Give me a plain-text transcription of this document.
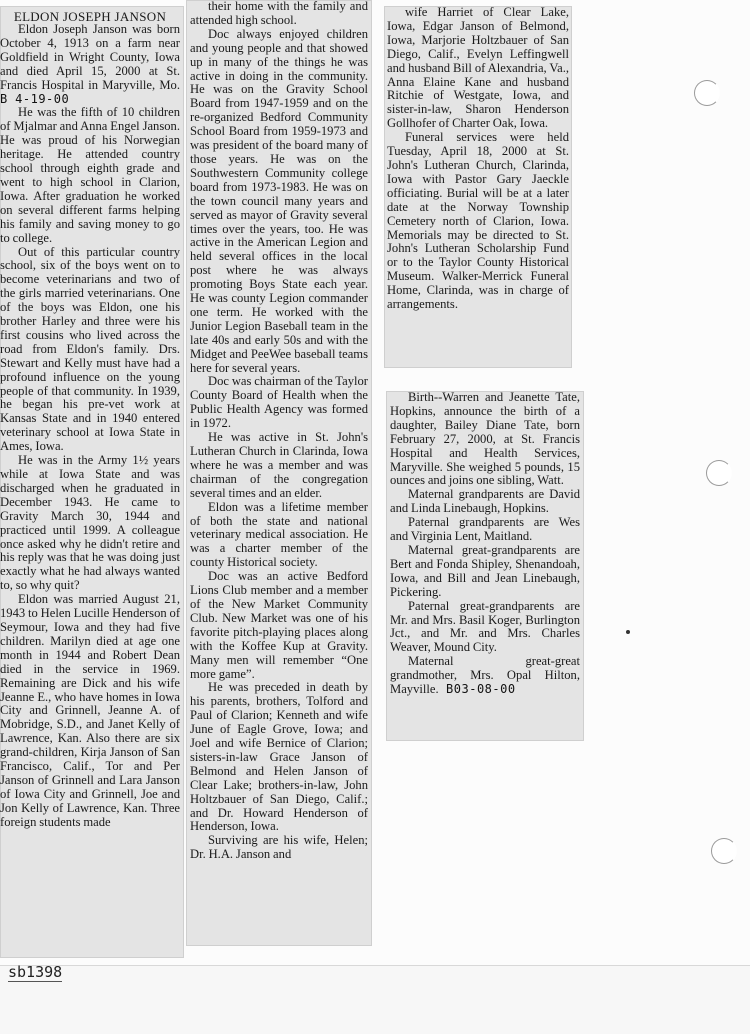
ELDON JOSEPH JANSON

Eldon Joseph Janson was born October 4, 1913 on a farm near Goldfield in Wright County, Iowa and died April 15, 2000 at St. Francis Hospital in Maryville, Mo. B 4-19-00

He was the fifth of 10 children of Mjalmar and Anna Engel Janson. He was proud of his Norwegian heritage. He attended country school through eighth grade and went to high school in Clarion, Iowa. After graduation he worked on several different farms helping his family and saving money to go to college.

Out of this particular country school, six of the boys went on to become veterinarians and two of the girls married veterinarians. One of the boys was Eldon, one his brother Harley and three were his first cousins who lived across the road from Eldon's family. Drs. Stewart and Kelly must have had a profound influence on the young people of that community. In 1939, he began his pre-vet work at Kansas State and in 1940 entered veterinary school at Iowa State in Ames, Iowa.

He was in the Army 1½ years while at Iowa State and was discharged when he graduated in December 1943. He came to Gravity March 30, 1944 and practiced until 1999. A colleague once asked why he didn't retire and his reply was that he was doing just exactly what he had always wanted to, so why quit?

Eldon was married August 21, 1943 to Helen Lucille Henderson of Seymour, Iowa and they had five children. Marilyn died at age one month in 1944 and Robert Dean died in the service in 1969. Remaining are Dick and his wife Jeanne E., who have homes in Iowa City and Grinnell, Jeanne A. of Mobridge, S.D., and Janet Kelly of Lawrence, Kan. Also there are six grand-children, Kirja Janson of San Francisco, Calif., Tor and Per Janson of Grinnell and Lara Janson of Iowa City and Grinnell, Joe and Jon Kelly of Lawrence, Kan. Three foreign students made

their home with the family and attended high school.

Doc always enjoyed children and young people and that showed up in many of the things he was active in doing in the community. He was on the Gravity School Board from 1947-1959 and on the re-organized Bedford Community School Board from 1959-1973 and was president of the board many of those years. He was on the Southwestern Community college board from 1973-1983. He was on the town council many years and served as mayor of Gravity several times over the years, too. He was active in the American Legion and held several offices in the local post where he was always promoting Boys State each year. He was county Legion commander one term. He worked with the Junior Legion Baseball team in the late 40s and early 50s and with the Midget and PeeWee baseball teams here for several years.

Doc was chairman of the Taylor County Board of Health when the Public Health Agency was formed in 1972.

He was active in St. John's Lutheran Church in Clarinda, Iowa where he was a member and was chairman of the congregation several times and an elder.

Eldon was a lifetime member of both the state and national veterinary medical association. He was a charter member of the county Historical society.

Doc was an active Bedford Lions Club member and a member of the New Market Community Club. New Market was one of his favorite pitch-playing places along with the Koffee Kup at Gravity. Many men will remember “One more game”.

He was preceded in death by his parents, brothers, Tolford and Paul of Clarion; Kenneth and wife June of Eagle Grove, Iowa; and Joel and wife Bernice of Clarion; sisters-in-law Grace Janson of Belmond and Helen Janson of Clear Lake; brothers-in-law, John Holtzbauer of San Diego, Calif.; and Dr. Howard Henderson of Henderson, Iowa.

Surviving are his wife, Helen; Dr. H.A. Janson and

wife Harriet of Clear Lake, Iowa, Edgar Janson of Belmond, Iowa, Marjorie Holtzbauer of San Diego, Calif., Evelyn Leffingwell and husband Bill of Alexandria, Va., Anna Elaine Kane and husband Ritchie of Westgate, Iowa, and sister-in-law, Sharon Henderson Gollhofer of Charter Oak, Iowa.

Funeral services were held Tuesday, April 18, 2000 at St. John's Lutheran Church, Clarinda, Iowa with Pastor Gary Jaeckle officiating. Burial will be at a later date at the Norway Township Cemetery north of Clarion, Iowa. Memorials may be directed to St. John's Lutheran Scholarship Fund or to the Taylor County Historical Museum. Walker-Merrick Funeral Home, Clarinda, was in charge of arrangements.

Birth--Warren and Jeanette Tate, Hopkins, announce the birth of a daughter, Bailey Diane Tate, born February 27, 2000, at St. Francis Hospital and Health Services, Maryville. She weighed 5 pounds, 15 ounces and joins one sibling, Watt.

Maternal grandparents are David and Linda Linebaugh, Hopkins.

Paternal grandparents are Wes and Virginia Lent, Maitland.

Maternal great-grandparents are Bert and Fonda Shipley, Shenandoah, Iowa, and Bill and Jean Linebaugh, Pickering.

Paternal great-grandparents are Mr. and Mrs. Basil Koger, Burlington Jct., and Mr. and Mrs. Charles Weaver, Mound City.

Maternal great-great grandmother, Mrs. Opal Hilton, Mayville. B03-08-00

sb1398
